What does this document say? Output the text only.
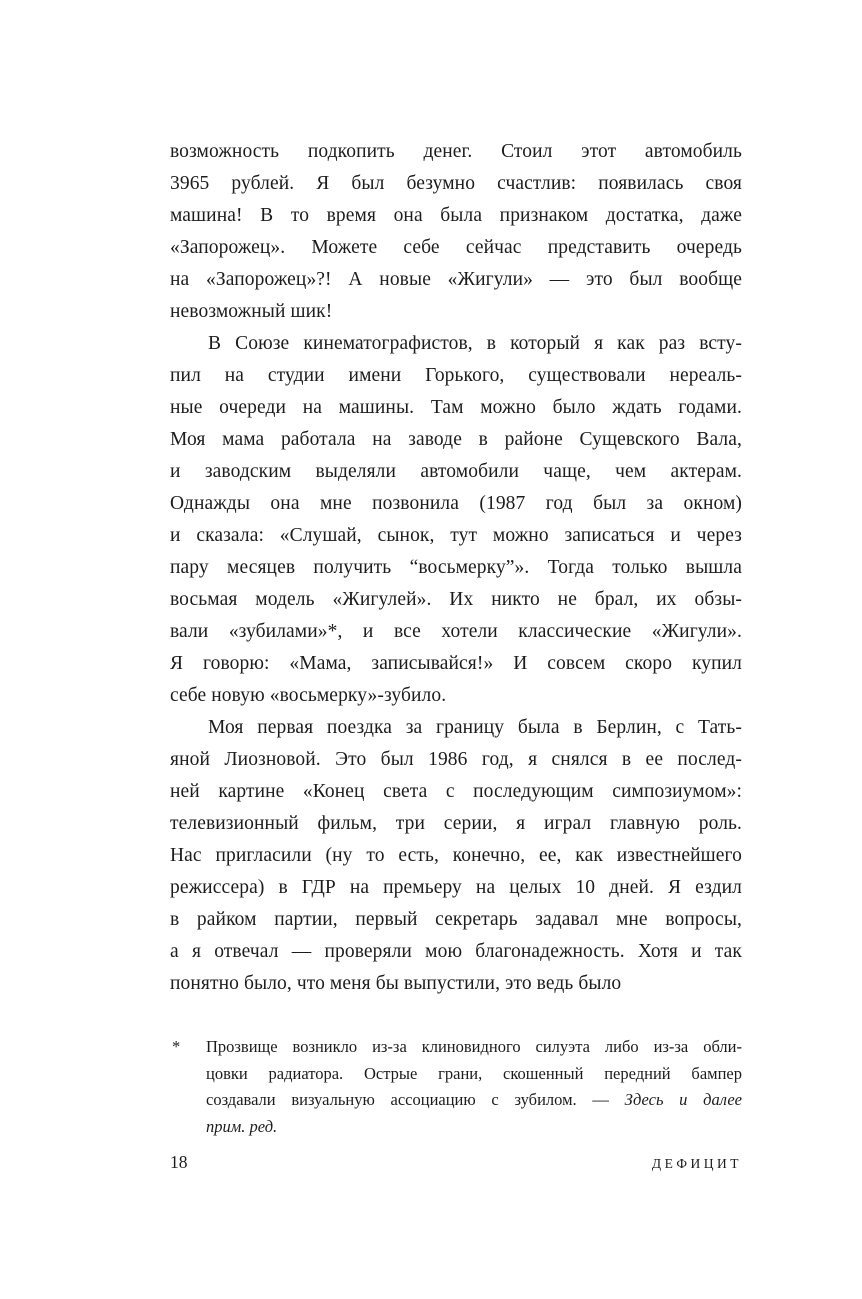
возможность подкопить денег. Стоил этот автомобиль
3965 рублей. Я был безумно счастлив: появилась своя
машина! В то время она была признаком достатка, даже
«Запорожец». Можете себе сейчас представить очередь
на «Запорожец»?! А новые «Жигули» — это был вообще
невозможный шик!
В Союзе кинематографистов, в который я как раз всту-
пил на студии имени Горького, существовали нереаль-
ные очереди на машины. Там можно было ждать годами.
Моя мама работала на заводе в районе Сущевского Вала,
и заводским выделяли автомобили чаще, чем актерам.
Однажды она мне позвонила (1987 год был за окном)
и сказала: «Слушай, сынок, тут можно записаться и через
пару месяцев получить “восьмерку”». Тогда только вышла
восьмая модель «Жигулей». Их никто не брал, их обзы-
вали «зубилами»*, и все хотели классические «Жигули».
Я говорю: «Мама, записывайся!» И совсем скоро купил
себе новую «восьмерку»-зубило.
Моя первая поездка за границу была в Берлин, с Тать-
яной Лиозновой. Это был 1986 год, я снялся в ее послед-
ней картине «Конец света с последующим симпозиумом»:
телевизионный фильм, три серии, я играл главную роль.
Нас пригласили (ну то есть, конечно, ее, как известнейшего
режиссера) в ГДР на премьеру на целых 10 дней. Я ездил
в райком партии, первый секретарь задавал мне вопросы,
а я отвечал — проверяли мою благонадежность. Хотя и так
понятно было, что меня бы выпустили, это ведь было
* Прозвище возникло из-за клиновидного силуэта либо из-за обли-
цовки радиатора. Острые грани, скошенный передний бампер
создавали визуальную ассоциацию с зубилом. — Здесь и далее
прим. ред.
18	ДЕФИЦИТ
